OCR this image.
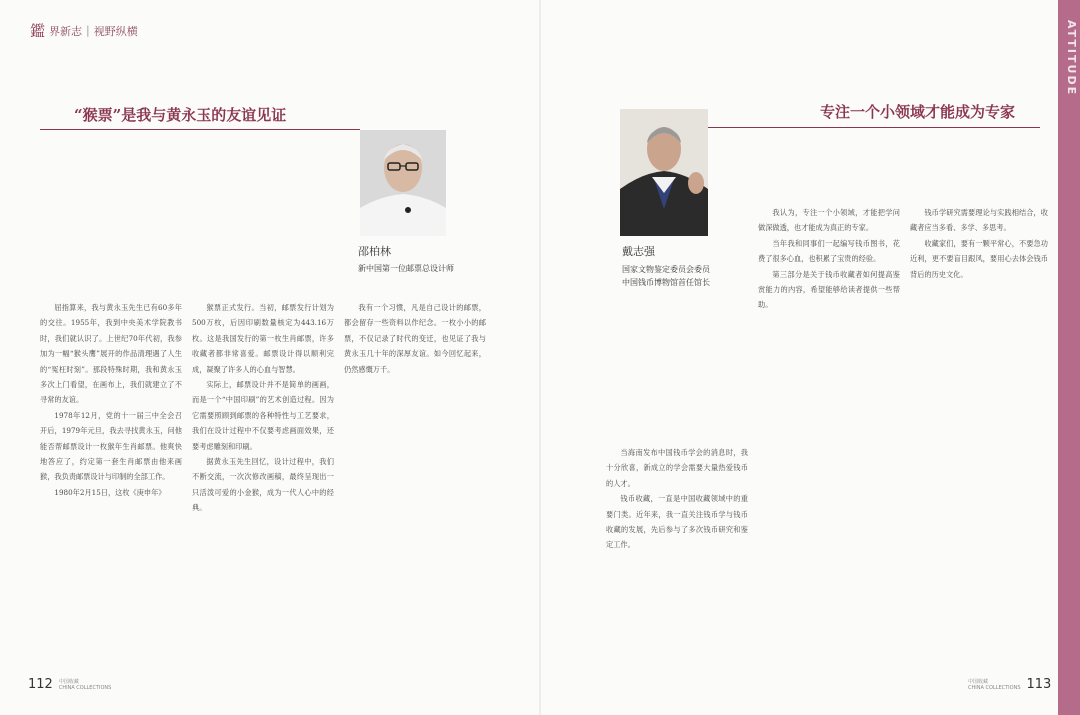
鑑 界新志 | 视野纵横	ATTITUDE
“猴票”是我与黄永玉的友谊见证
邵柏林
新中国第一位邮票总设计师

屈指算来，我与黄永玉先生已有60多年的交往。1955年，我到中央美术学院教书时，我们就认识了。上世纪70年代初，我参加为一幅“猴头鹰”展开的作品清理遇了人生的“冤枉时刻”。那段特殊时期，我和黄永玉多次上门看望，在画布上，我们就建立了不寻常的友谊。

1978年12月，党的十一届三中全会召开后，1979年元旦，我去寻找黄永玉，问他能否帮邮票设计一枚猴年生肖邮票。他爽快地答应了，约定第一套生肖邮票由他来画猴，我负责邮票设计与印制的全部工作。

1980年2月15日，这枚《庚申年》

猴票正式发行。当初，邮票发行计划为500万枚，后因印刷数量核定为443.16万枚。这是我国发行的第一枚生肖邮票，许多收藏者都非常喜爱。邮票设计得以顺利完成，凝聚了许多人的心血与智慧。

实际上，邮票设计并不是简单的画画，而是一个“中国印刷”的艺术创造过程。因为它需要照顾到邮票的各种特性与工艺要求，我们在设计过程中不仅要考虑画面效果，还要考虑雕刻和印刷。

据黄永玉先生回忆，设计过程中，我们不断交流，一次次修改画稿，最终呈现出一只活泼可爱的小金猴，成为一代人心中的经典。

我有一个习惯，凡是自己设计的邮票，都会留存一些资料以作纪念。一枚小小的邮票，不仅记录了时代的变迁，也见证了我与黄永玉几十年的深厚友谊。如今回忆起来，仍然感慨万千。

专注一个小领域才能成为专家
戴志强
国家文物鉴定委员会委员
中国钱币博物馆首任馆长

当海南发布中国钱币学会的消息时，我十分欣喜，新成立的学会需要大量热爱钱币的人才。

钱币收藏，一直是中国收藏领域中的重要门类。近年来，我一直关注钱币学与钱币收藏的发展，先后参与了多次钱币研究和鉴定工作。

我认为，专注一个小领域，才能把学问做深做透，也才能成为真正的专家。

当年我和同事们一起编写钱币图书，花费了很多心血，也积累了宝贵的经验。

第三部分是关于钱币收藏者如何提高鉴赏能力的内容，希望能够给读者提供一些帮助。

钱币学研究需要理论与实践相结合，收藏者应当多看、多学、多思考。

收藏家们，要有一颗平常心，不要急功近利，更不要盲目跟风，要用心去体会钱币背后的历史文化。

112 中国收藏
CHINA COLLECTIONS
中国收藏
CHINA COLLECTIONS 113
